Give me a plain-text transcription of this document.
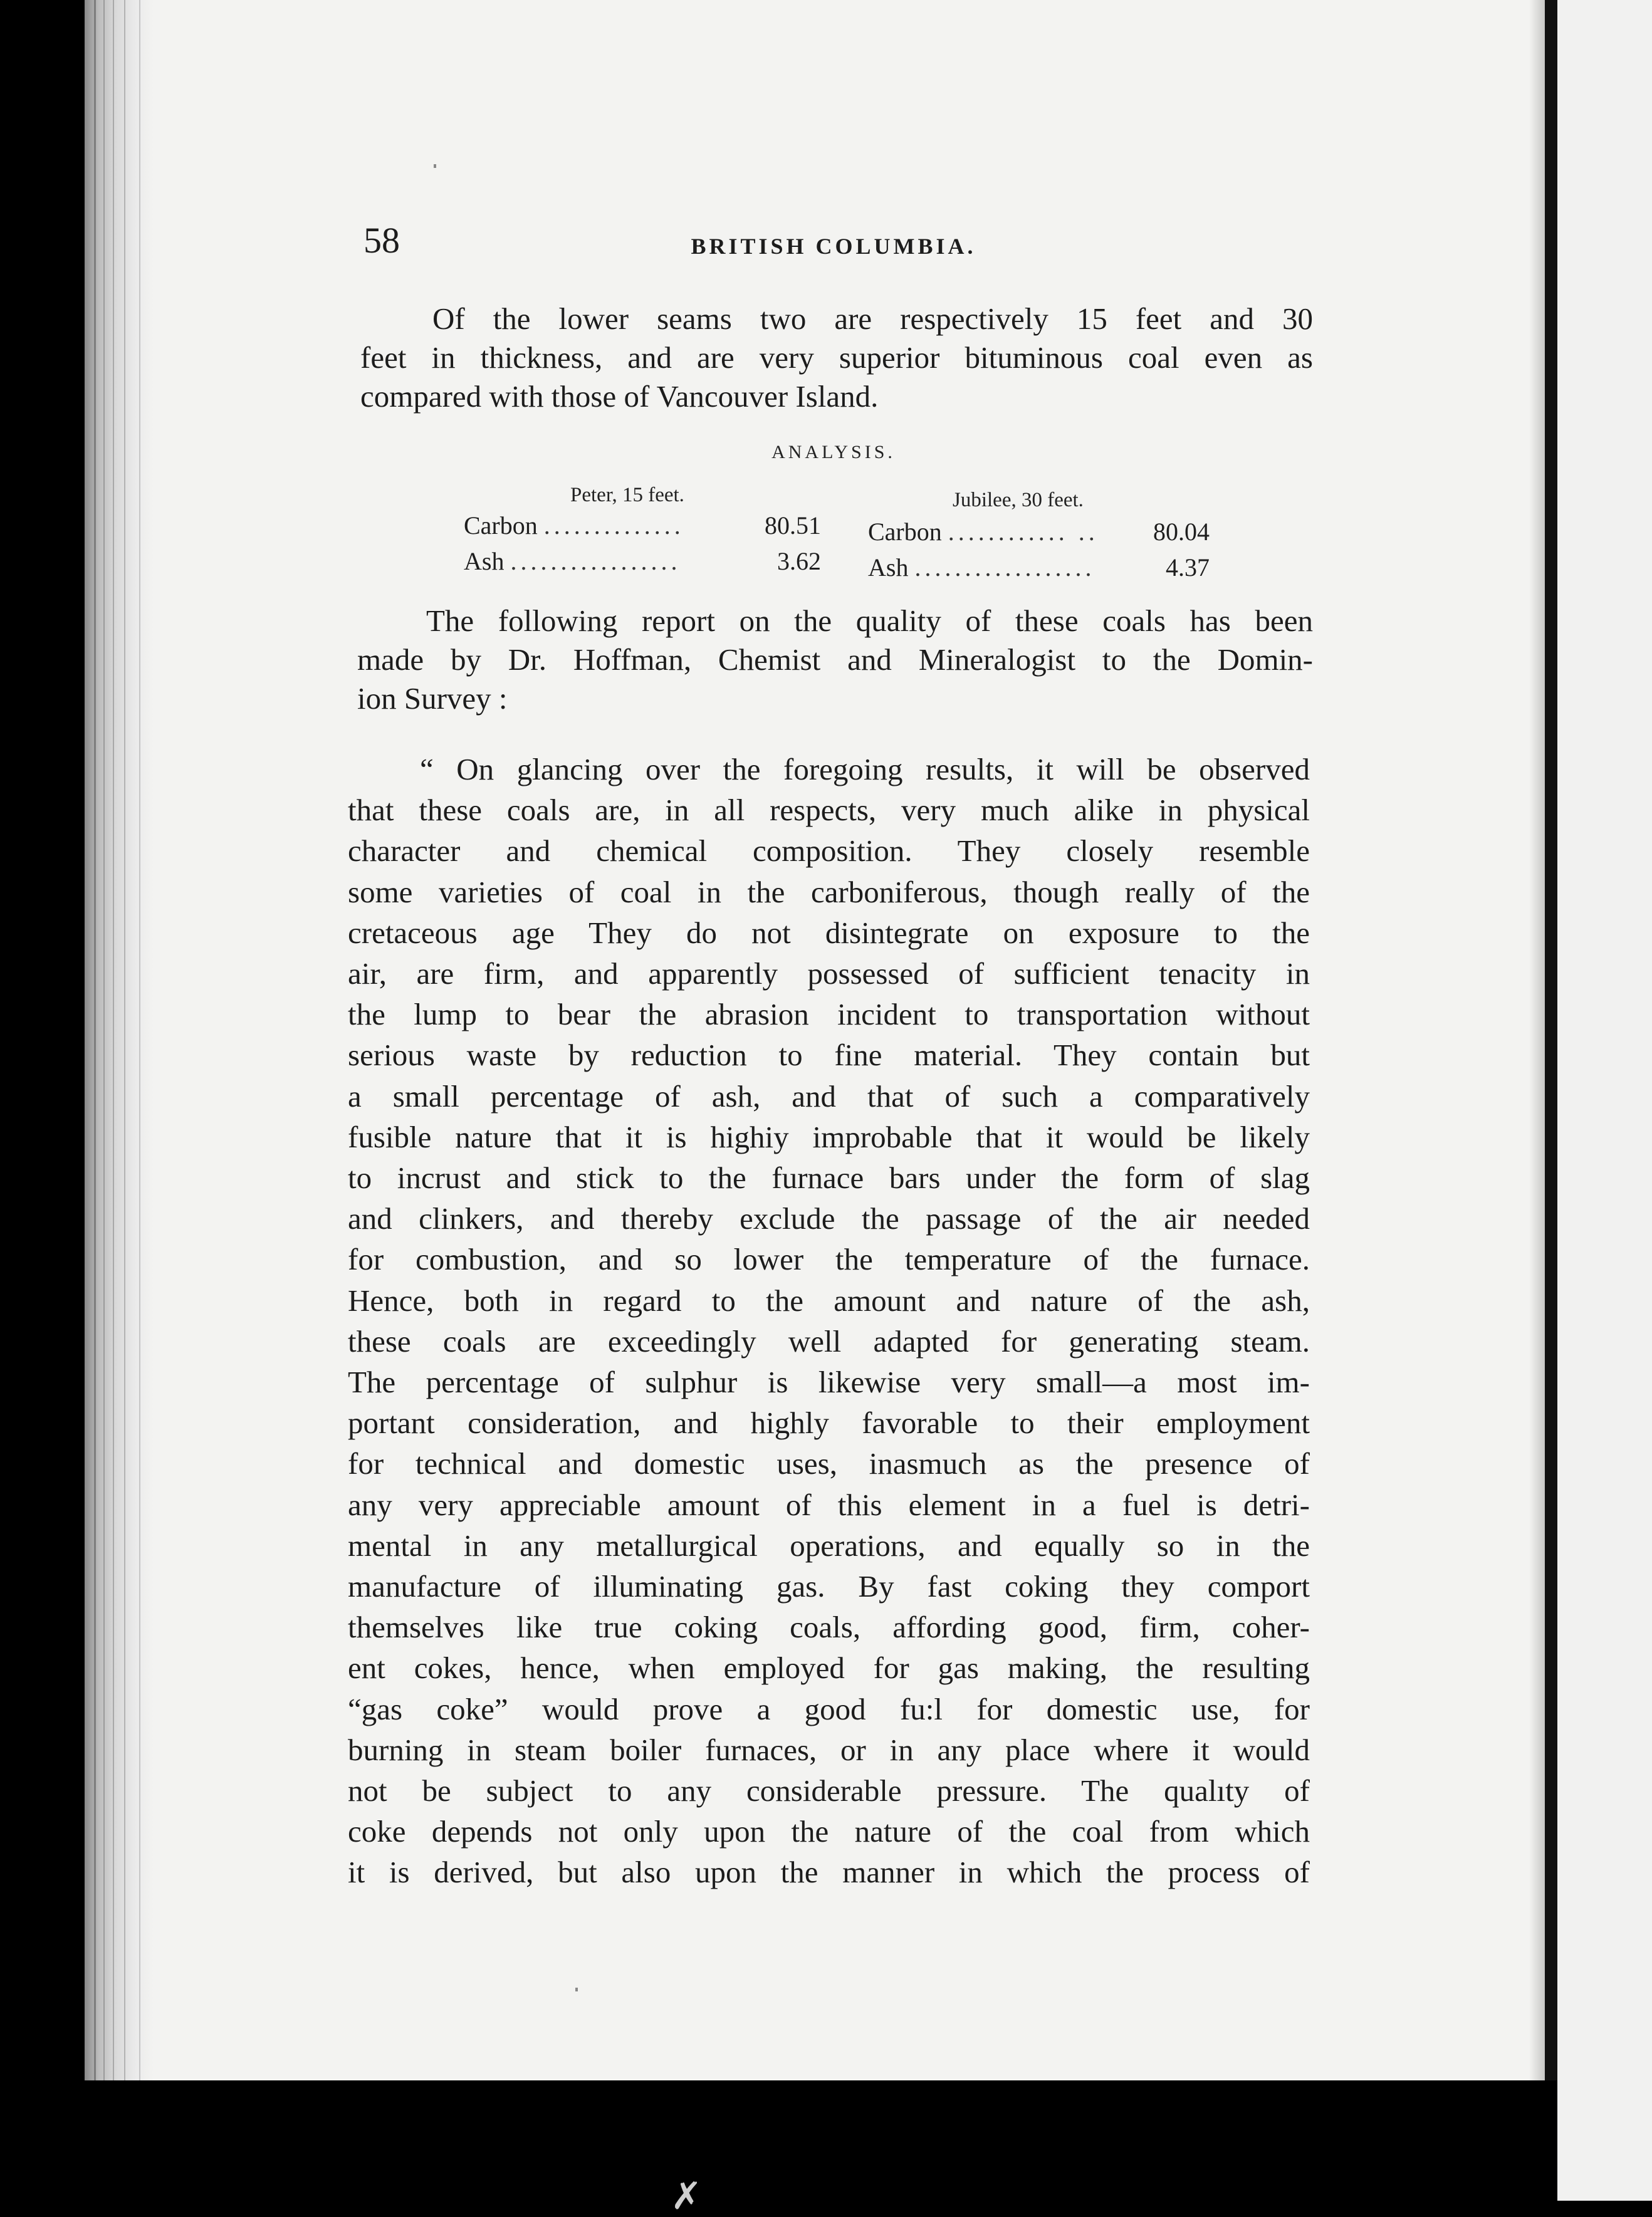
✗
58	BRITISH COLUMBIA.
Of the lower seams two are respectively 15 feet and 30
feet in thickness, and are very superior bituminous coal even as
compared with those of Vancouver Island.
ANALYSIS.
Peter, 15 feet.	Jubilee, 30 feet.
Carbon ..............	80.51
Ash .................	3.62
Carbon ............ .. 80.04
Ash ..................	4.37
The following report on the quality of these coals has been
made by Dr. Hoffman, Chemist and Mineralogist to the Domin-
ion Survey :
“ On glancing over the foregoing results, it will be observed
that these coals are, in all respects, very much alike in physical
character and chemical composition. They closely resemble
some varieties of coal in the carboniferous, though really of the
cretaceous age They do not disintegrate on exposure to the
air, are firm, and apparently possessed of sufficient tenacity in
the lump to bear the abrasion incident to transportation without
serious waste by reduction to fine material. They contain but
a small percentage of ash, and that of such a comparatively
fusible nature that it is highiy improbable that it would be likely
to incrust and stick to the furnace bars under the form of slag
and clinkers, and thereby exclude the passage of the air needed
for combustion, and so lower the temperature of the furnace.
Hence, both in regard to the amount and nature of the ash,
these coals are exceedingly well adapted for generating steam.
The percentage of sulphur is likewise very small—a most im-
portant consideration, and highly favorable to their employment
for technical and domestic uses, inasmuch as the presence of
any very appreciable amount of this element in a fuel is detri-
mental in any metallurgical operations, and equally so in the
manufacture of illuminating gas. By fast coking they comport
themselves like true coking coals, affording good, firm, coher-
ent cokes, hence, when employed for gas making, the resulting
“gas coke” would prove a good fu:l for domestic use, for
burning in steam boiler furnaces, or in any place where it would
not be subject to any considerable pressure. The qualıty of
coke depends not only upon the nature of the coal from which
it is derived, but also upon the manner in which the process of
